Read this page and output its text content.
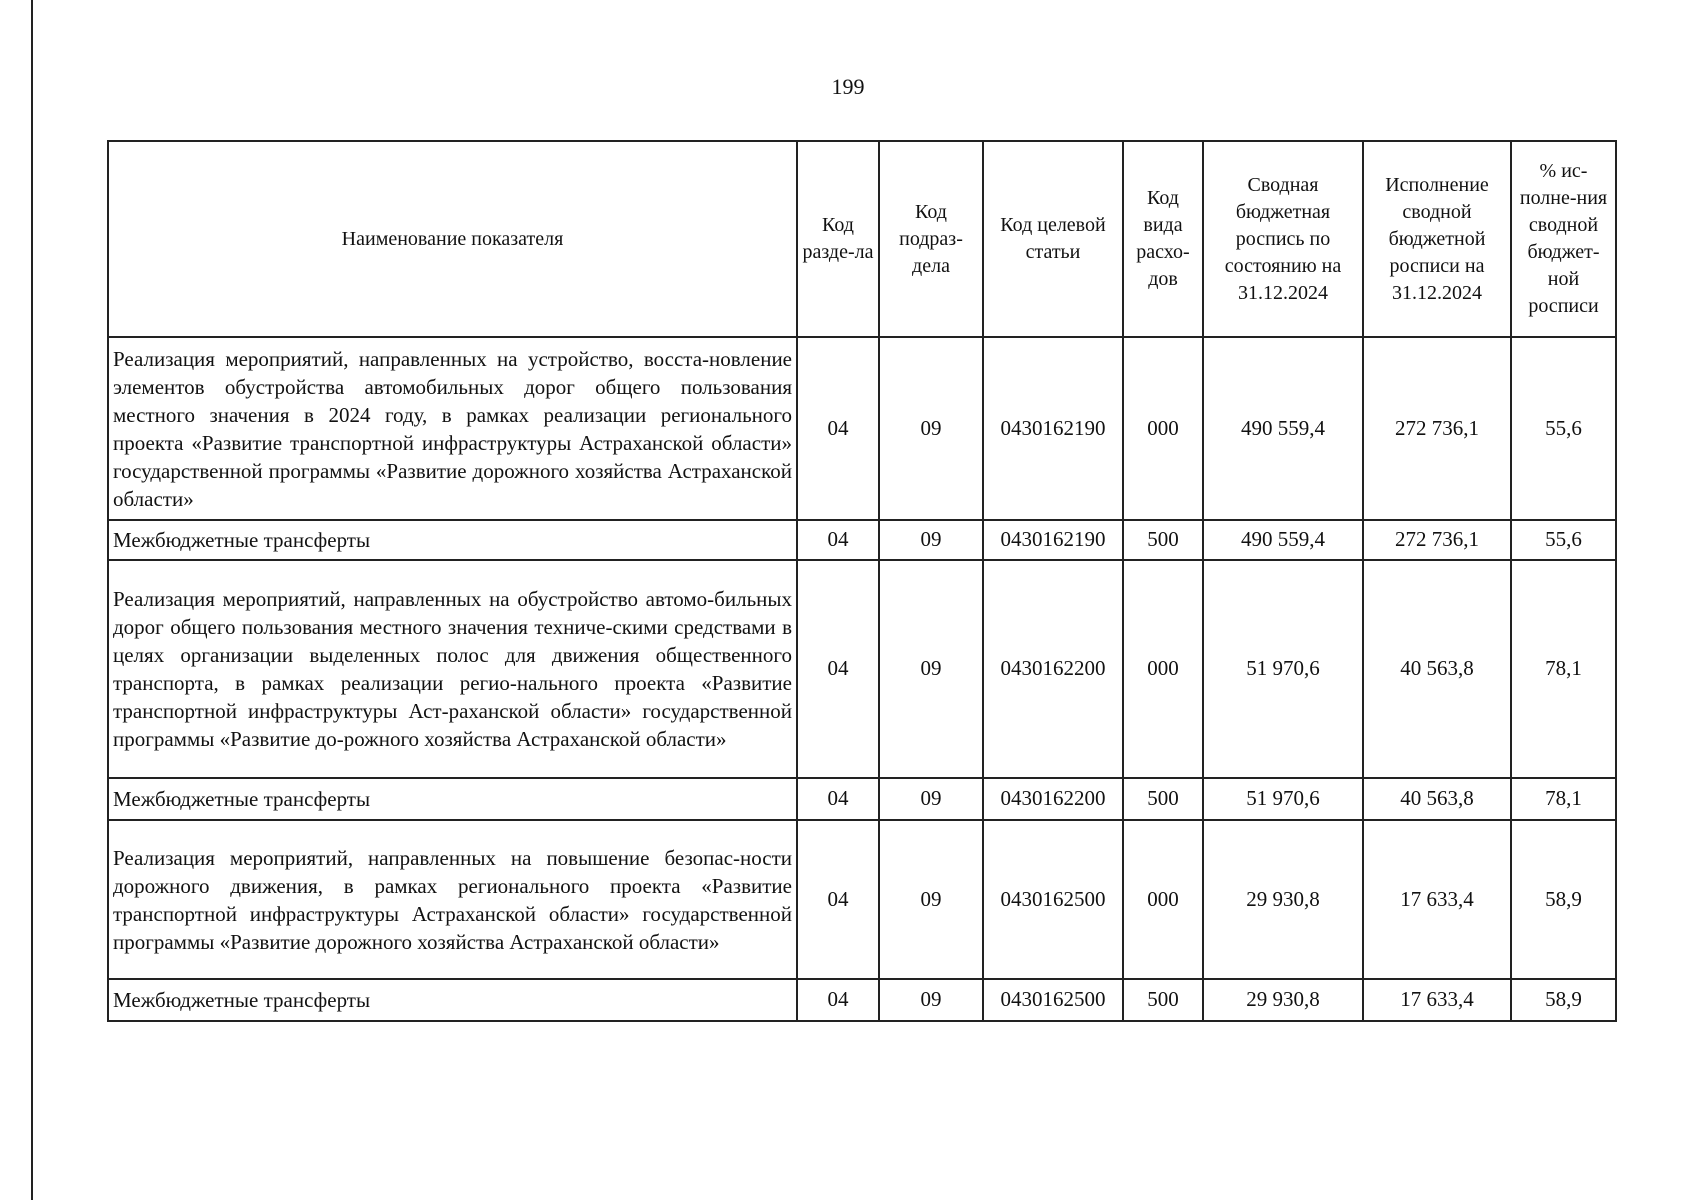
199
Наименование показателя	Код разде-ла	Код подраз-дела	Код целевой статьи	Код вида расхо-дов	Сводная бюджетная роспись по состоянию на 31.12.2024	Исполнение сводной бюджетной росписи на 31.12.2024	% ис-полне-ния сводной бюджет-ной росписи
Реализация мероприятий, направленных на устройство, восста-новление элементов обустройства автомобильных дорог общего пользования местного значения в 2024 году, в рамках реализации регионального проекта «Развитие транспортной инфраструктуры Астраханской области» государственной программы «Развитие дорожного хозяйства Астраханской области»	04	09	0430162190	000	490 559,4	272 736,1	55,6
Межбюджетные трансферты	04	09	0430162190	500	490 559,4	272 736,1	55,6
Реализация мероприятий, направленных на обустройство автомо-бильных дорог общего пользования местного значения техниче-скими средствами в целях организации выделенных полос для движения общественного транспорта, в рамках реализации регио-нального проекта «Развитие транспортной инфраструктуры Аст-раханской области» государственной программы «Развитие до-рожного хозяйства Астраханской области»	04	09	0430162200	000	51 970,6	40 563,8	78,1
Межбюджетные трансферты	04	09	0430162200	500	51 970,6	40 563,8	78,1
Реализация мероприятий, направленных на повышение безопас-ности дорожного движения, в рамках регионального проекта «Развитие транспортной инфраструктуры Астраханской области» государственной программы «Развитие дорожного хозяйства Астраханской области»	04	09	0430162500	000	29 930,8	17 633,4	58,9
Межбюджетные трансферты	04	09	0430162500	500	29 930,8	17 633,4	58,9
